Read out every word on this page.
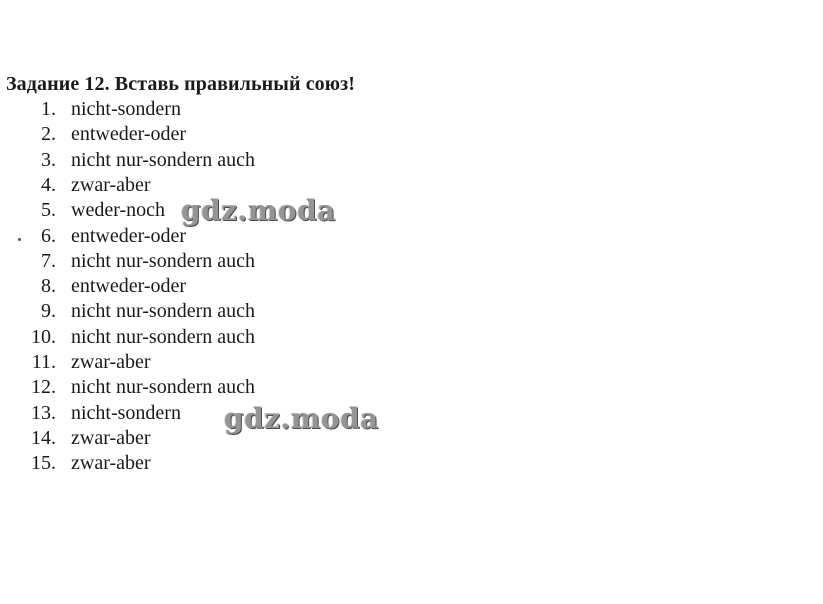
Задание 12. Вставь правильный союз!
1. nicht-sondern
2. entweder-oder
3. nicht nur-sondern auch
4. zwar-aber
5. weder-noch
6. entweder-oder
7. nicht nur-sondern auch
8. entweder-oder
9. nicht nur-sondern auch
10. nicht nur-sondern auch
11. zwar-aber
12. nicht nur-sondern auch
13. nicht-sondern
14. zwar-aber
15. zwar-aber
gdz.moda
gdz.moda
